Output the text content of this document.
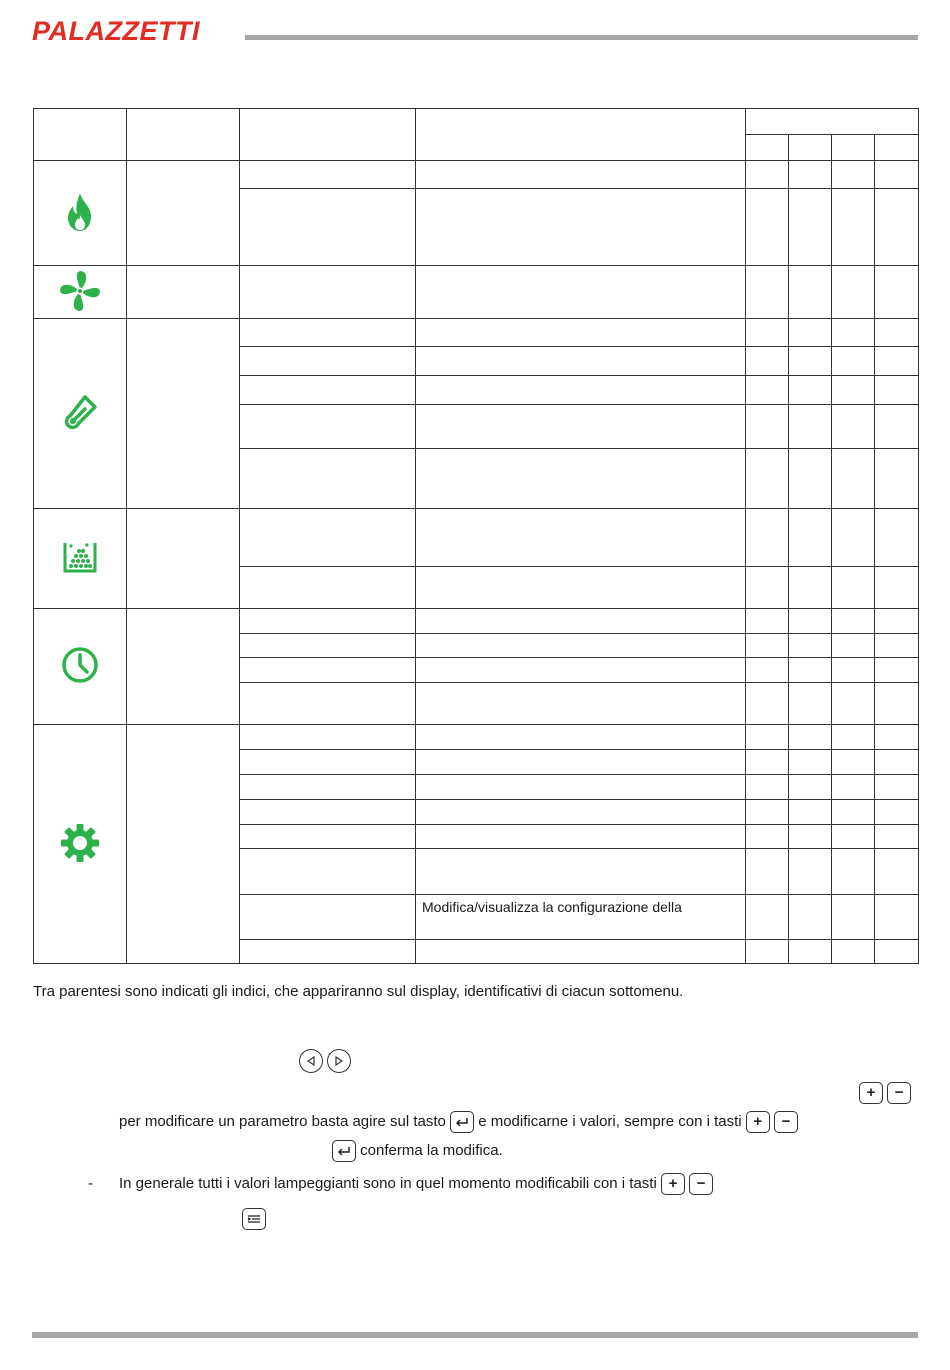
PALAZZETTI

			Modifica/visualizza la configurazione della				

Tra parentesi sono indicati gli indici, che appariranno sul display, identificativi di ciacun sottomenu.

+ −
per modificare un parametro basta agire sul tasto e modificarne i valori, sempre con i tasti + −
conferma la modifica.
- In generale tutti i valori lampeggianti sono in quel momento modificabili con i tasti + −
